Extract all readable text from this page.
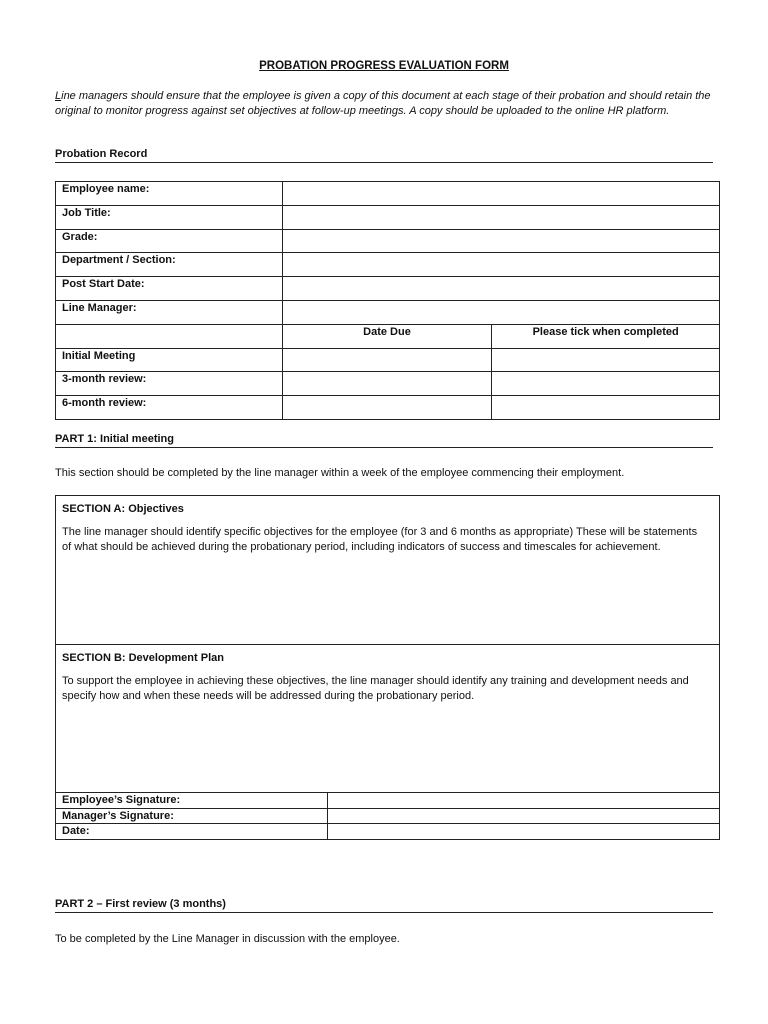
PROBATION PROGRESS EVALUATION FORM
Line managers should ensure that the employee is given a copy of this document at each stage of their probation and should retain the original to monitor progress against set objectives at follow-up meetings. A copy should be uploaded to the online HR platform.
Probation Record
Employee name:		
Job Title:		
Grade:		
Department / Section:		
Post Start Date:		
Line Manager:		
	Date Due	Please tick when completed
Initial Meeting		
3-month review:		
6-month review:		
PART 1: Initial meeting
This section should be completed by the line manager within a week of the employee commencing their employment.
SECTION A: Objectives
The line manager should identify specific objectives for the employee (for 3 and 6 months as appropriate) These will be statements of what should be achieved during the probationary period, including indicators of success and timescales for achievement.
SECTION B: Development Plan
To support the employee in achieving these objectives, the line manager should identify any training and development needs and specify how and when these needs will be addressed during the probationary period.
Employee’s Signature:	
Manager’s Signature:	
Date:	
PART 2 – First review (3 months)
To be completed by the Line Manager in discussion with the employee.
